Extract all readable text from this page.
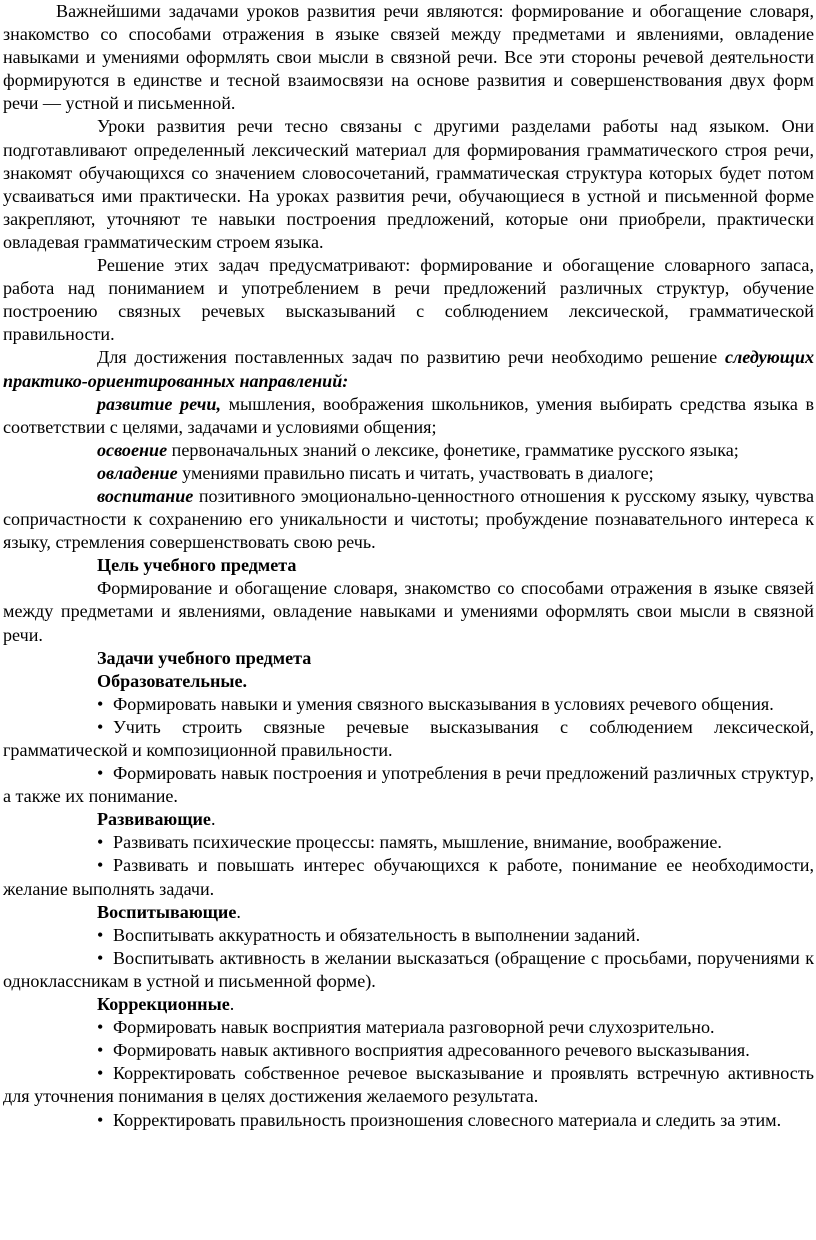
Важнейшими задачами уроков развития речи являются: формирование и обогащение словаря, знакомство со способами отражения в языке связей между предметами и явлениями, овладение навыками и умениями оформлять свои мысли в связной речи. Все эти стороны речевой деятельности формируются в единстве и тесной взаимосвязи на основе развития и совершенствования двух форм речи — устной и письменной.

Уроки развития речи тесно связаны с другими разделами работы над языком. Они подготавливают определенный лексический материал для формирования грамматического строя речи, знакомят обучающихся со значением словосочетаний, грамматическая структура которых будет потом усваиваться ими практически. На уроках развития речи, обучающиеся в устной и письменной форме закрепляют, уточняют те навыки построения предложений, которые они приобрели, практически овладевая грамматическим строем языка.

Решение этих задач предусматривают: формирование и обогащение словарного запаса, работа над пониманием и употреблением в речи предложений различных структур, обучение построению связных речевых высказываний с соблюдением лексической, грамматической правильности.

Для достижения поставленных задач по развитию речи необходимо решение следующих практико-ориентированных направлений:

развитие речи, мышления, воображения школьников, умения выбирать средства языка в соответствии с целями, задачами и условиями общения;

освоение первоначальных знаний о лексике, фонетике, грамматике русского языка;

овладение умениями правильно писать и читать, участвовать в диалоге;

воспитание позитивного эмоционально-ценностного отношения к русскому языку, чувства сопричастности к сохранению его уникальности и чистоты; пробуждение познавательного интереса к языку, стремления совершенствовать свою речь.

Цель учебного предмета

Формирование и обогащение словаря, знакомство со способами отражения в языке связей между предметами и явлениями, овладение навыками и умениями оформлять свои мысли в связной речи.

Задачи учебного предмета

Образовательные.

• Формировать навыки и умения связного высказывания в условиях речевого общения.

• Учить строить связные речевые высказывания с соблюдением лексической, грамматической и композиционной правильности.

• Формировать навык построения и употребления в речи предложений различных структур, а также их понимание.

Развивающие.

• Развивать психические процессы: память, мышление, внимание, воображение.

• Развивать и повышать интерес обучающихся к работе, понимание ее необходимости, желание выполнять задачи.

Воспитывающие.

• Воспитывать аккуратность и обязательность в выполнении заданий.

• Воспитывать активность в желании высказаться (обращение с просьбами, поручениями к одноклассникам в устной и письменной форме).

Коррекционные.

• Формировать навык восприятия материала разговорной речи слухозрительно.

• Формировать навык активного восприятия адресованного речевого высказывания.

• Корректировать собственное речевое высказывание и проявлять встречную активность для уточнения понимания в целях достижения желаемого результата.

• Корректировать правильность произношения словесного материала и следить за этим.
